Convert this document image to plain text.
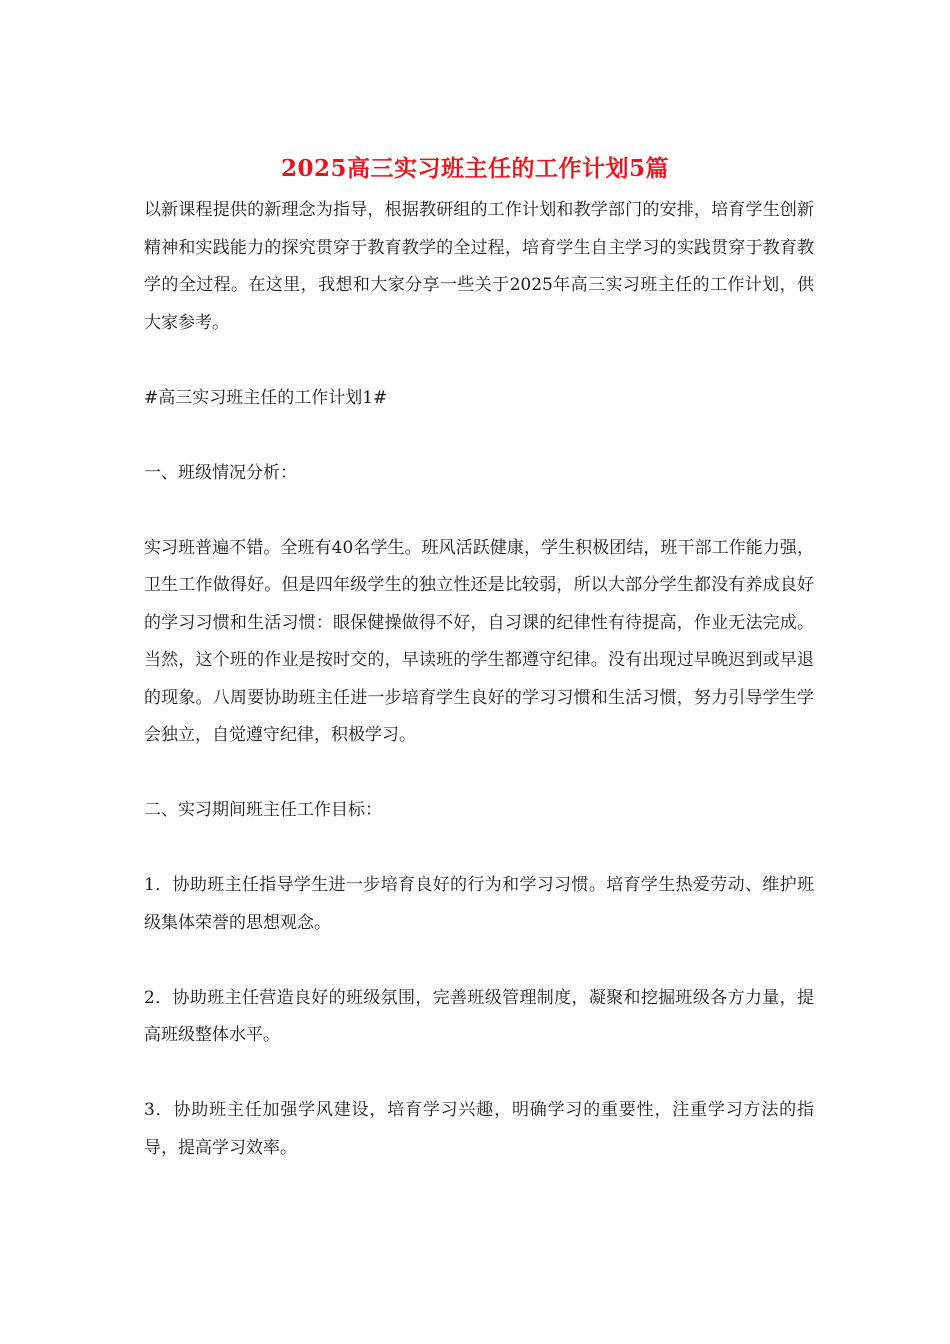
2025高三实习班主任的工作计划5篇

以新课程提供的新理念为指导，根据教研组的工作计划和教学部门的安排，培育学生创新精神和实践能力的探究贯穿于教育教学的全过程，培育学生自主学习的实践贯穿于教育教学的全过程。在这里，我想和大家分享一些关于2025年高三实习班主任的工作计划，供大家参考。

#高三实习班主任的工作计划1#

一、班级情况分析：

实习班普遍不错。全班有40名学生。班风活跃健康，学生积极团结，班干部工作能力强，卫生工作做得好。但是四年级学生的独立性还是比较弱，所以大部分学生都没有养成良好的学习习惯和生活习惯：眼保健操做得不好，自习课的纪律性有待提高，作业无法完成。当然，这个班的作业是按时交的，早读班的学生都遵守纪律。没有出现过早晚迟到或早退的现象。八周要协助班主任进一步培育学生良好的学习习惯和生活习惯，努力引导学生学会独立，自觉遵守纪律，积极学习。

二、实习期间班主任工作目标：

1．协助班主任指导学生进一步培育良好的行为和学习习惯。培育学生热爱劳动、维护班级集体荣誉的思想观念。

2．协助班主任营造良好的班级氛围，完善班级管理制度，凝聚和挖掘班级各方力量，提高班级整体水平。

3．协助班主任加强学风建设，培育学习兴趣，明确学习的重要性，注重学习方法的指导，提高学习效率。
